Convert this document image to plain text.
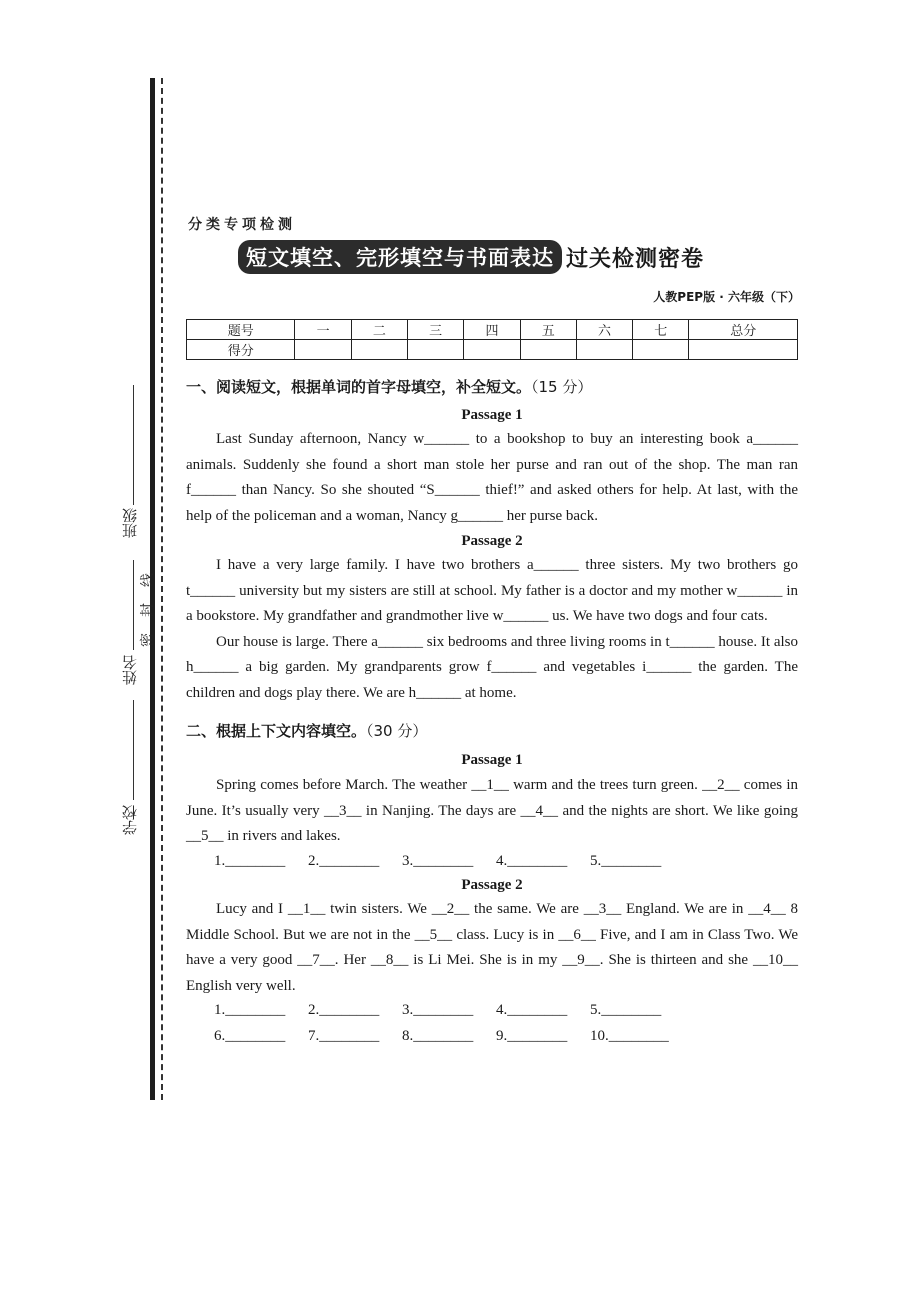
班级
姓名
学校
线
封
密
分类专项检测
短文填空、完形填空与书面表达 过关检测密卷
人教PEP版 · 六年级（下）
题号	一	二	三	四	五	六	七	总分
得分								
一、阅读短文，根据单词的首字母填空，补全短文。（15 分）
Passage 1

Last Sunday afternoon, Nancy w______ to a bookshop to buy an interesting book a______ animals. Suddenly she found a short man stole her purse and ran out of the shop. The man ran f______ than Nancy. So she shouted “S______ thief!” and asked others for help. At last, with the help of the policeman and a woman, Nancy g______ her purse back.

Passage 2

I have a very large family. I have two brothers a______ three sisters. My two brothers go t______ university but my sisters are still at school. My father is a doctor and my mother w______ in a bookstore. My grandfather and grandmother live w______ us. We have two dogs and four cats.

Our house is large. There a______ six bedrooms and three living rooms in t______ house. It also h______ a big garden. My grandparents grow f______ and vegetables i______ the garden. The children and dogs play there. We are h______ at home.

二、根据上下文内容填空。（30 分）
Passage 1

Spring comes before March. The weather __1__ warm and the trees turn green. __2__ comes in June. It’s usually very __3__ in Nanjing. The days are __4__ and the nights are short. We like going __5__ in rivers and lakes.

1.________	2.________	3.________	4.________	5.________
Passage 2

Lucy and I __1__ twin sisters. We __2__ the same. We are __3__ England. We are in __4__ 8 Middle School. But we are not in the __5__ class. Lucy is in __6__ Five, and I am in Class Two. We have a very good __7__. Her __8__ is Li Mei. She is in my __9__. She is thirteen and she __10__ English very well.

1.________	2.________	3.________	4.________	5.________
6.________	7.________	8.________	9.________	10.________
